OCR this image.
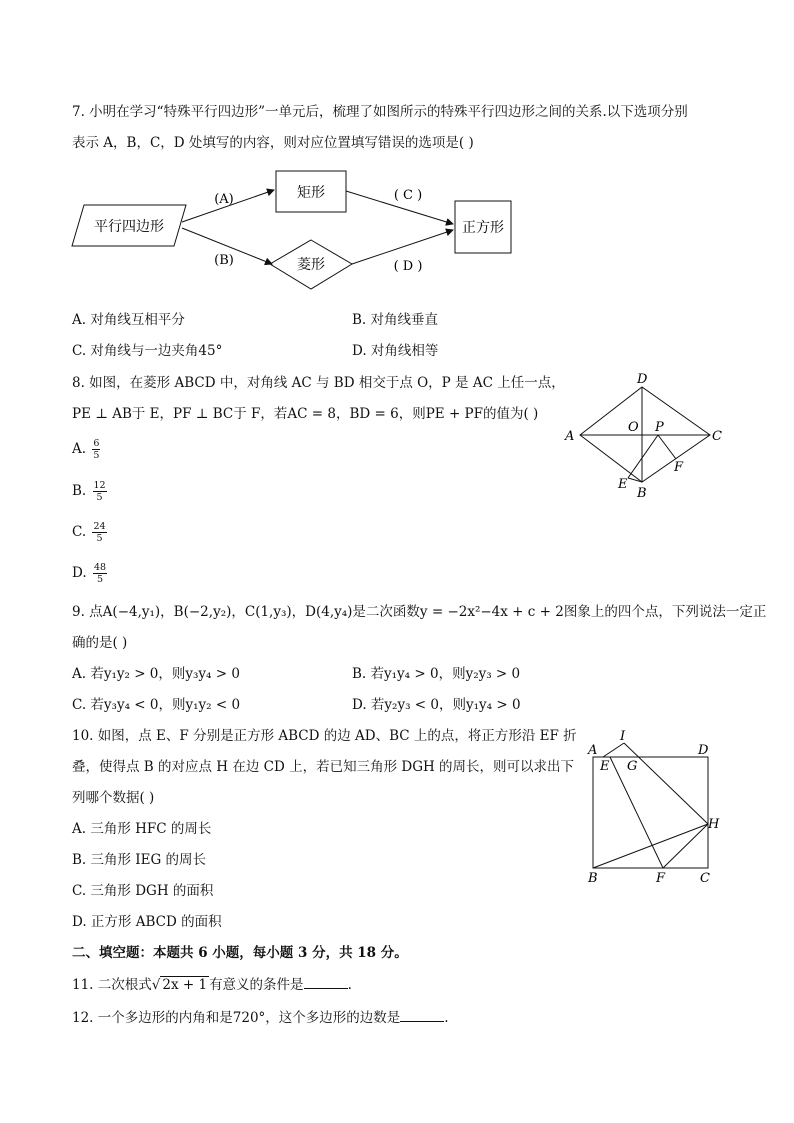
7. 小明在学习“特殊平行四边形”一单元后，梳理了如图所示的特殊平行四边形之间的关系.以下选项分别
表示 A，B，C，D 处填写的内容，则对应位置填写错误的选项是( )
平行四边形
矩形
菱形
正方形
(A)
(B)
( C )
( D )
A. 对角线互相平分	B. 对角线垂直
C. 对角线与一边夹角45°	D. 对角线相等
8. 如图，在菱形 ABCD 中，对角线 AC 与 BD 相交于点 O，P 是 AC 上任一点，
PE ⊥ AB于 E，PF ⊥ BC于 F，若AC = 8，BD = 6，则PE + PF的值为( )
A. $\frac{6}{5}$
B. $\frac{12}{5}$
C. $\frac{24}{5}$
D. $\frac{48}{5}$
A	C
D
B
O P
E
F
9. 点A(−4,y₁)，B(−2,y₂)，C(1,y₃)，D(4,y₄)是二次函数y = −2x²−4x + c + 2图象上的四个点，下列说法一定正
确的是( )
A. 若y₁y₂ > 0，则y₃y₄ > 0	B. 若y₁y₄ > 0，则y₂y₃ > 0
C. 若y₃y₄ < 0，则y₁y₂ < 0	D. 若y₂y₃ < 0，则y₁y₄ > 0
10. 如图，点 E、F 分别是正方形 ABCD 的边 AD、BC 上的点，将正方形沿 EF 折
叠，使得点 B 的对应点 H 在边 CD 上，若已知三角形 DGH 的周长，则可以求出下
列哪个数据( )
A. 三角形 HFC 的周长
B. 三角形 IEG 的周长
C. 三角形 DGH 的面积
D. 正方形 ABCD 的面积
A
I
D
E G
H
B	F	C
二、填空题：本题共 6 小题，每小题 3 分，共 18 分。
11. 二次根式√ 2x + 1 有意义的条件是	.
12. 一个多边形的内角和是720°，这个多边形的边数是	.
